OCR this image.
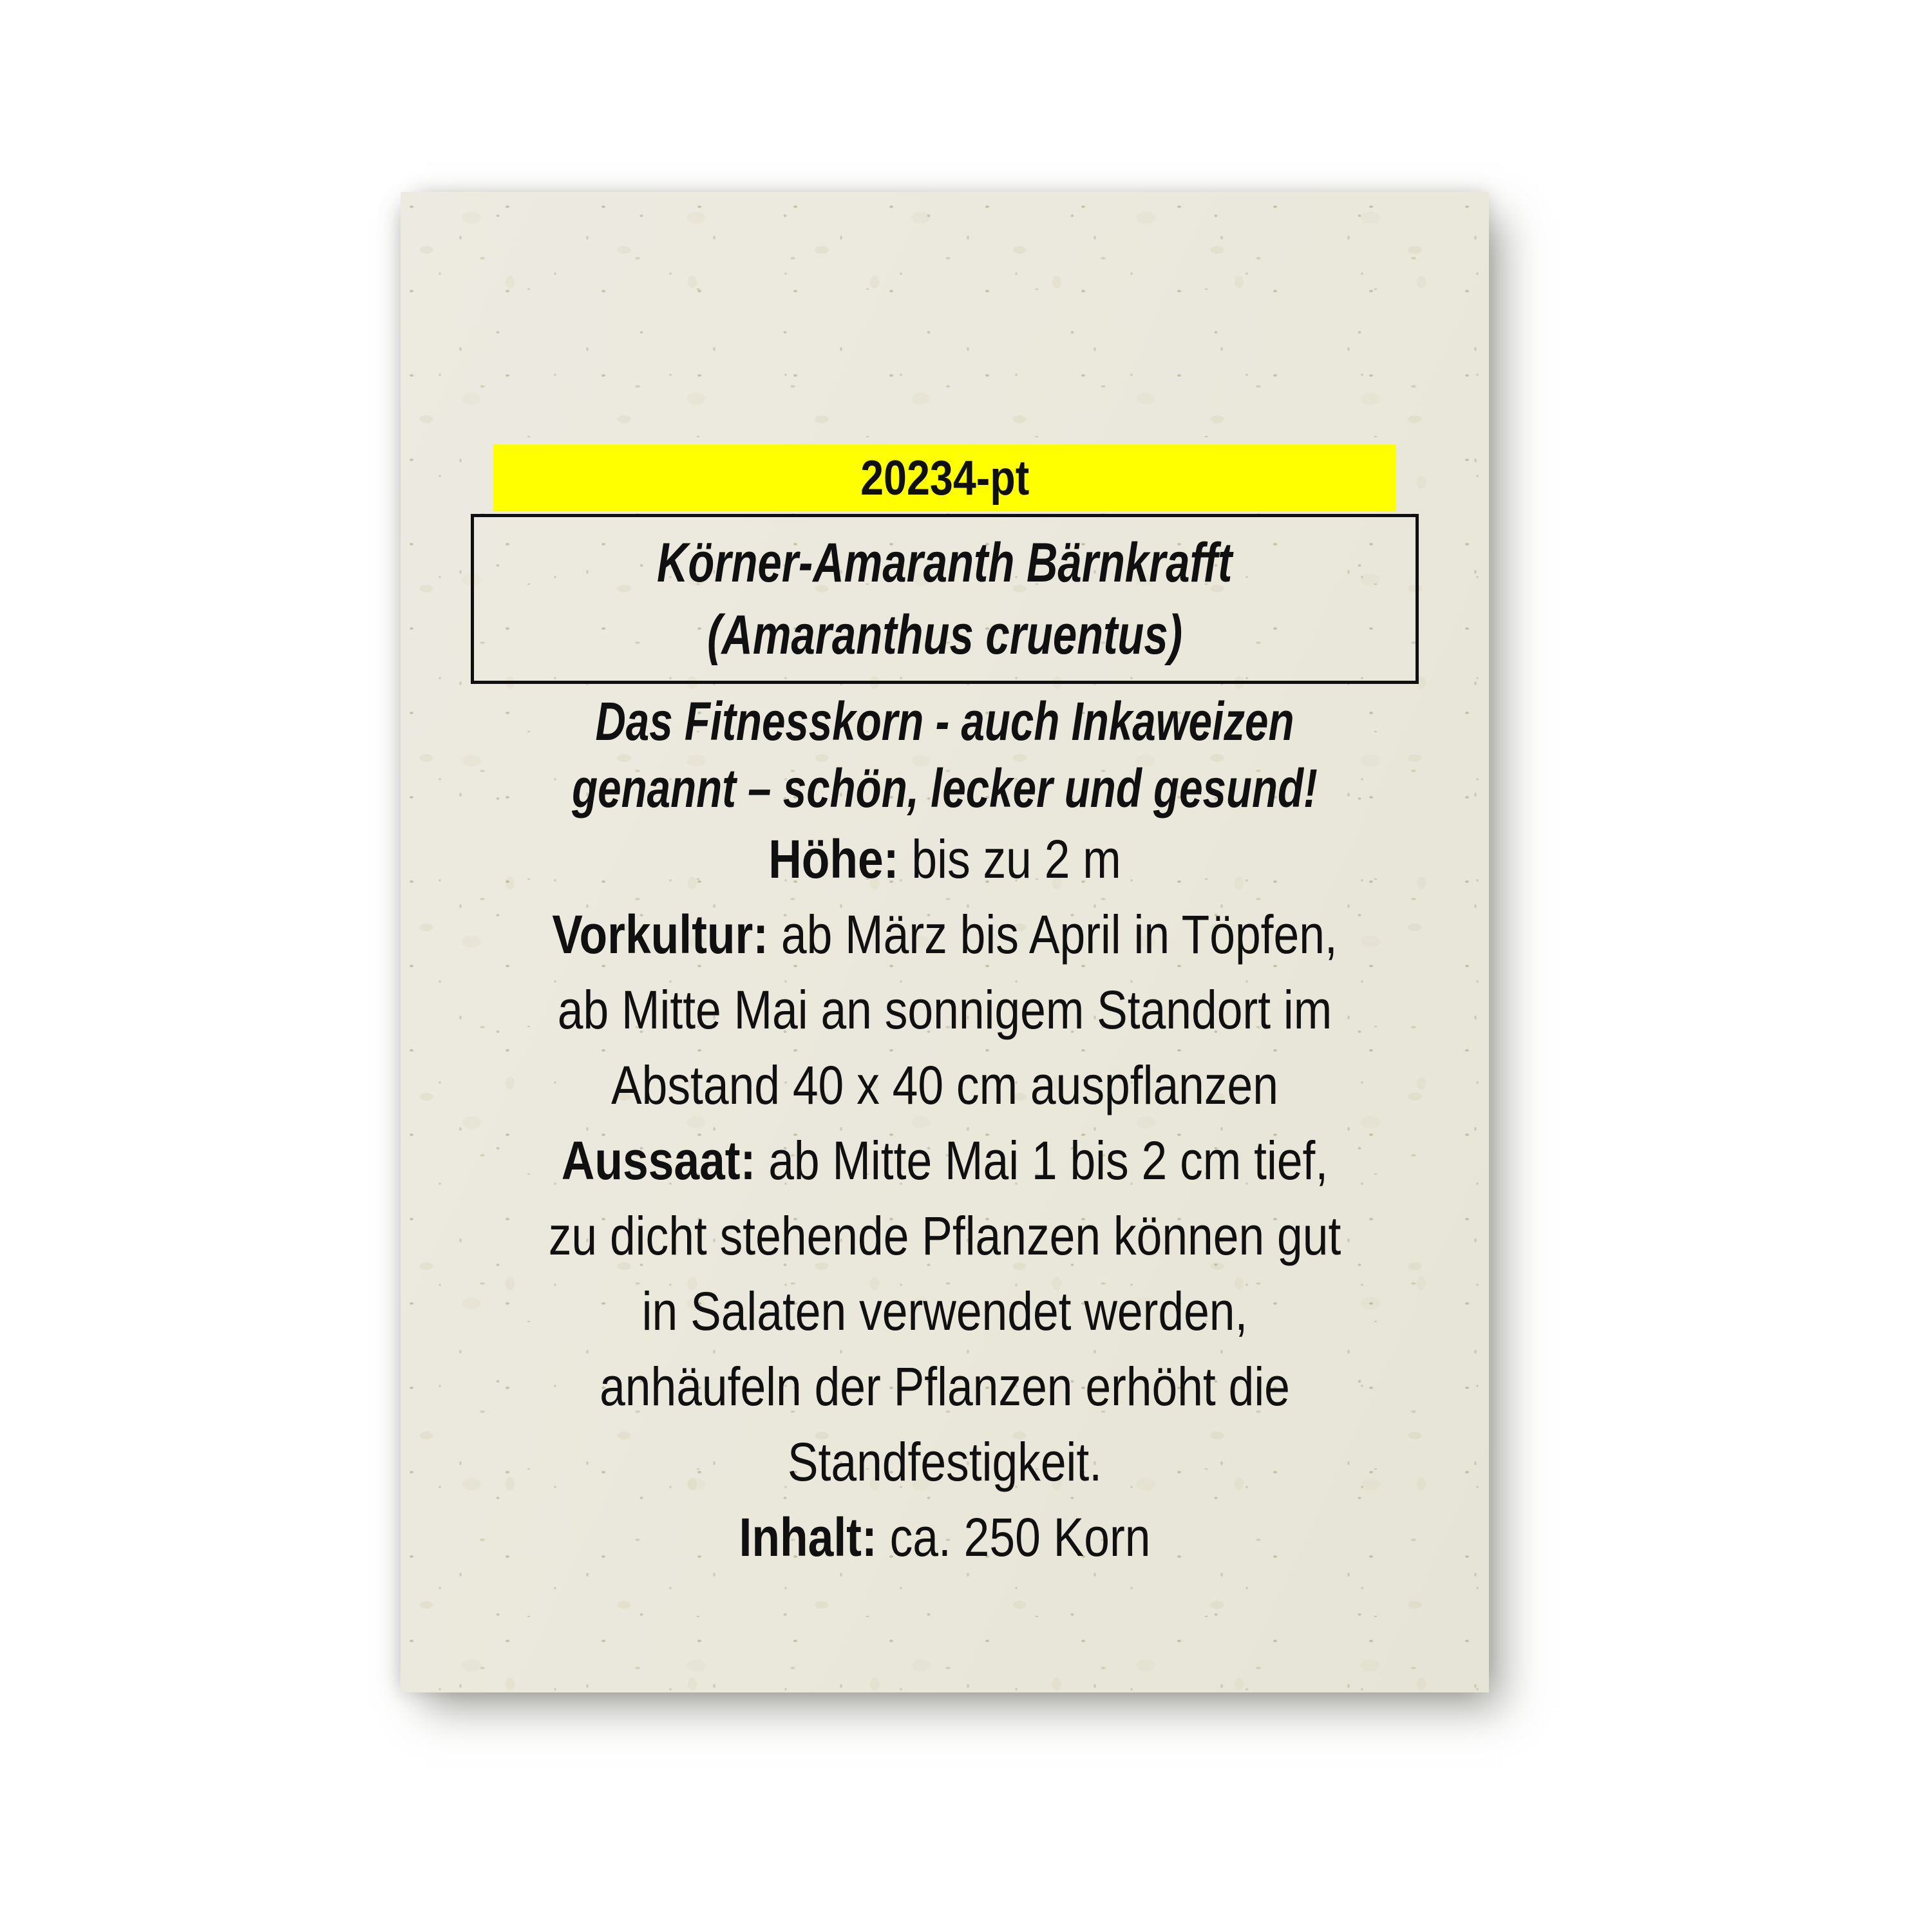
20234-pt
Körner-Amaranth Bärnkrafft
(Amaranthus cruentus)
Das Fitnesskorn - auch Inkaweizen
genannt – schön, lecker und gesund!
Höhe: bis zu 2 m
Vorkultur: ab März bis April in Töpfen,
ab Mitte Mai an sonnigem Standort im
Abstand 40 x 40 cm auspflanzen
Aussaat: ab Mitte Mai 1 bis 2 cm tief,
zu dicht stehende Pflanzen können gut
in Salaten verwendet werden,
anhäufeln der Pflanzen erhöht die
Standfestigkeit.
Inhalt: ca. 250 Korn
